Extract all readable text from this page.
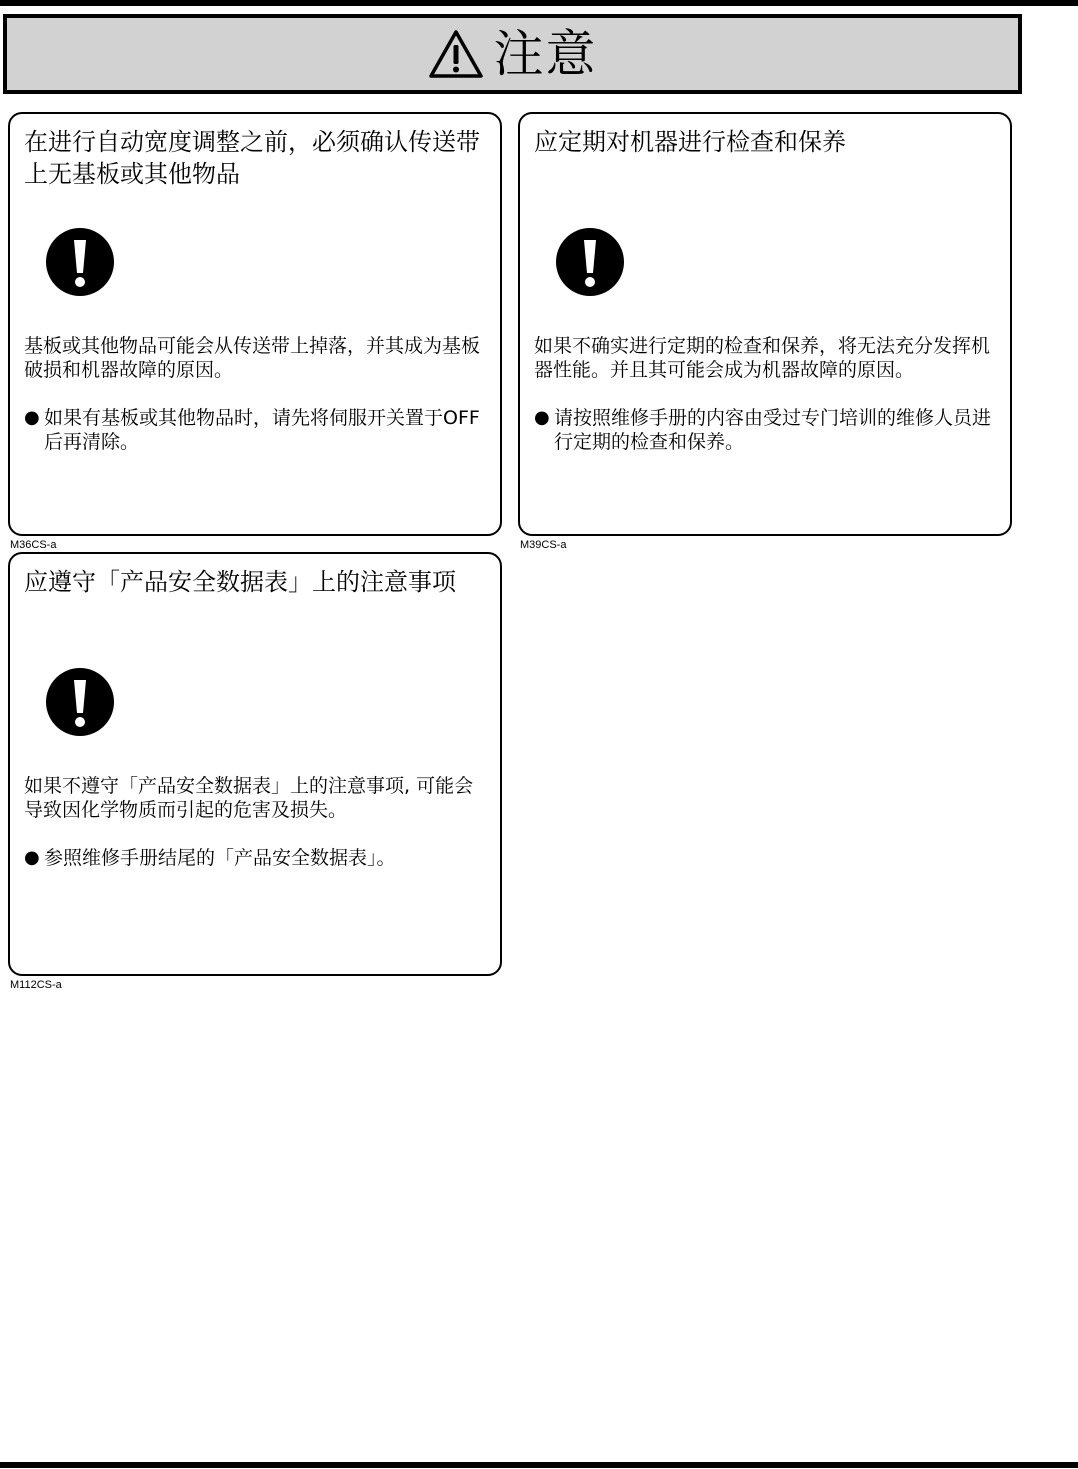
注意
在进行自动宽度调整之前，必须确认传送带上无基板或其他物品

基板或其他物品可能会从传送带上掉落，并其成为基板破损和机器故障的原因。

● 如果有基板或其他物品时，请先将伺服开关置于OFF后再清除。
M36CS-a
应定期对机器进行检查和保养

如果不确实进行定期的检查和保养，将无法充分发挥机器性能。并且其可能会成为机器故障的原因。

● 请按照维修手册的内容由受过专门培训的维修人员进行定期的检查和保养。
M39CS-a
应遵守「产品安全数据表」上的注意事项

如果不遵守「产品安全数据表」上的注意事项, 可能会导致因化学物质而引起的危害及损失。

● 参照维修手册结尾的「产品安全数据表」。
M112CS-a
